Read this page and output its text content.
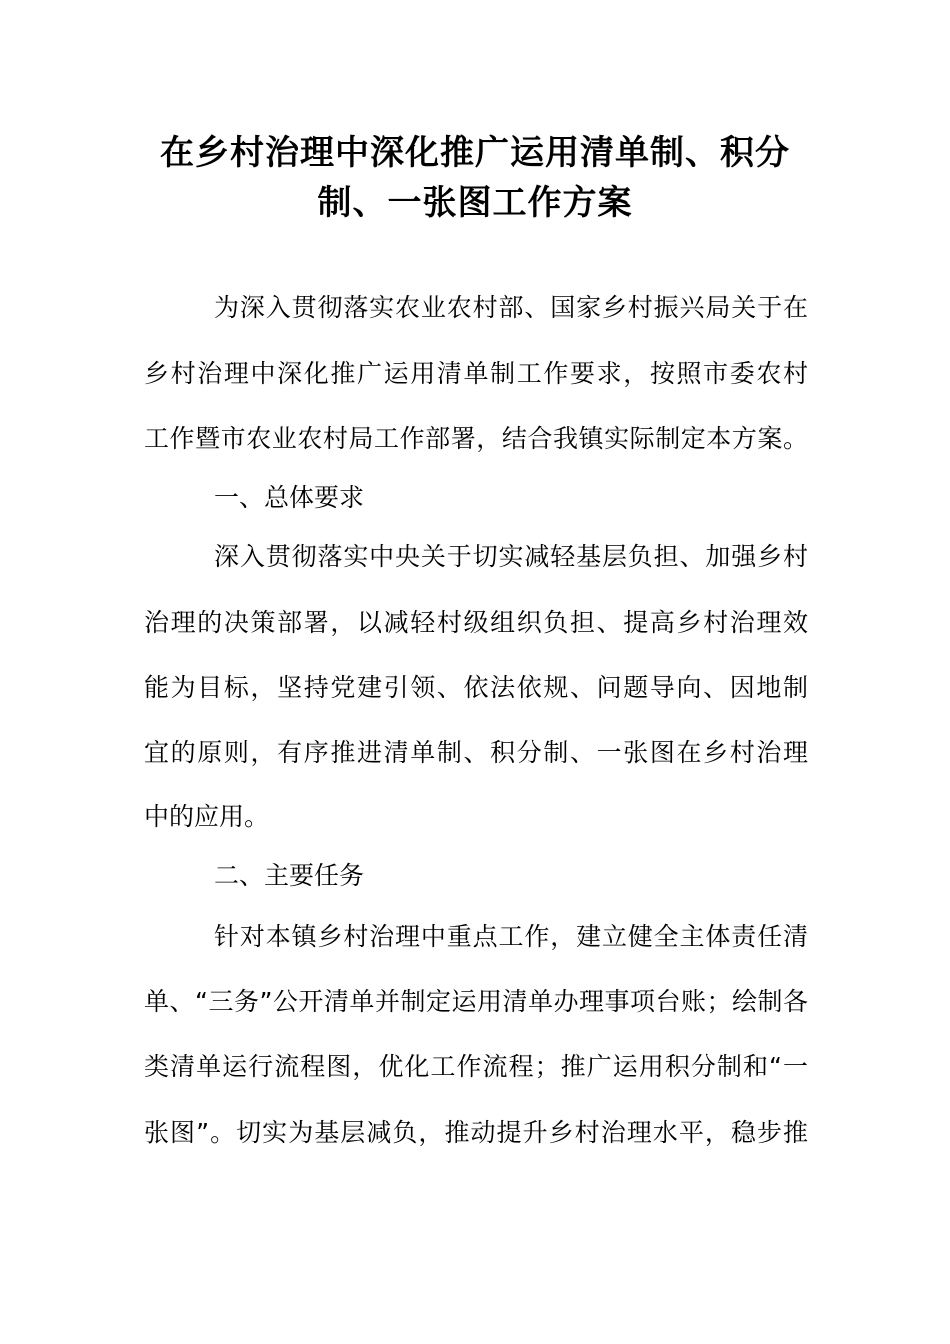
在乡村治理中深化推广运用清单制、积分
制、一张图工作方案
为深入贯彻落实农业农村部、国家乡村振兴局关于在
乡村治理中深化推广运用清单制工作要求，按照市委农村
工作暨市农业农村局工作部署，结合我镇实际制定本方案。
一、总体要求
深入贯彻落实中央关于切实减轻基层负担、加强乡村
治理的决策部署，以减轻村级组织负担、提高乡村治理效
能为目标，坚持党建引领、依法依规、问题导向、因地制
宜的原则，有序推进清单制、积分制、一张图在乡村治理
中的应用。
二、主要任务
针对本镇乡村治理中重点工作，建立健全主体责任清
单、“三务”公开清单并制定运用清单办理事项台账；绘制各
类清单运行流程图，优化工作流程；推广运用积分制和“一
张图”。切实为基层减负，推动提升乡村治理水平，稳步推
